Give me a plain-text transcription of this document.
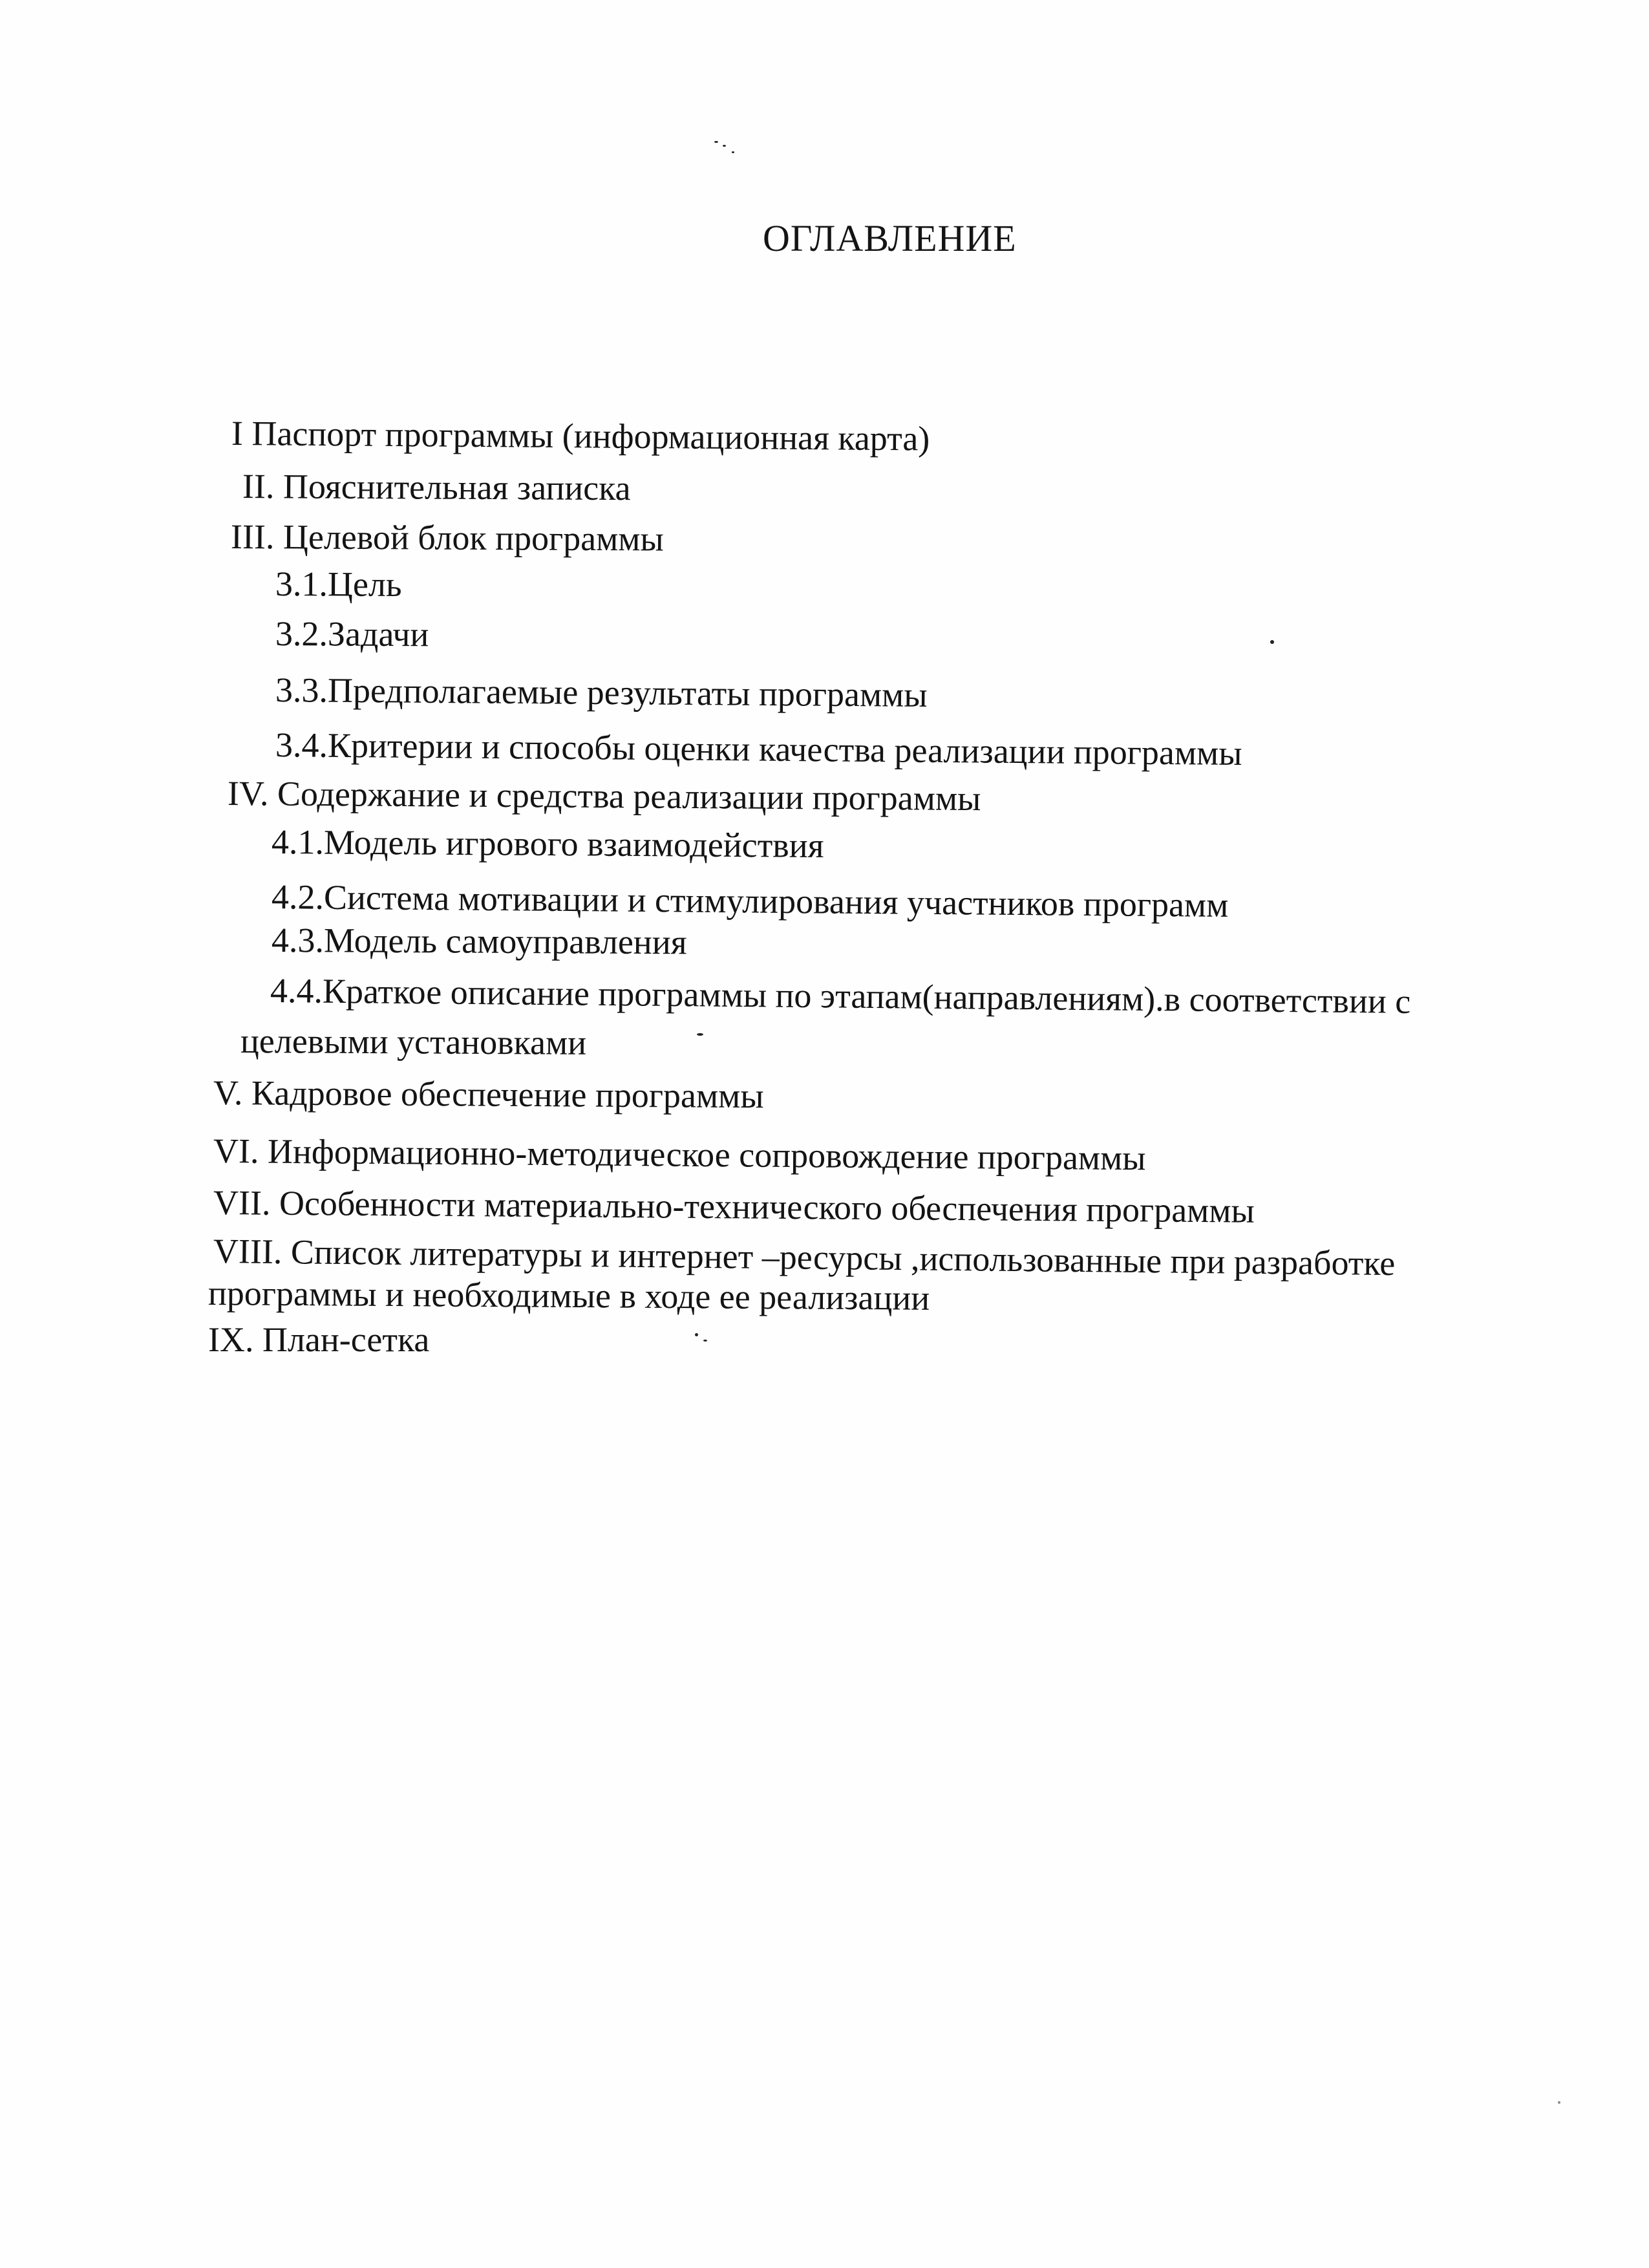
ОГЛАВЛЕНИЕ
I Паспорт программы (информационная карта)
II. Пояснительная записка
III. Целевой блок программы
3.1.Цель
3.2.Задачи
3.3.Предполагаемые результаты программы
3.4.Критерии и способы оценки качества реализации программы
IV. Содержание и средства реализации программы
4.1.Модель игрового взаимодействия
4.2.Система мотивации и стимулирования участников программ
4.3.Модель самоуправления
4.4.Краткое описание программы по этапам(направлениям).в соответствии с
целевыми установками
V. Кадровое обеспечение программы
VI. Информационно-методическое сопровождение программы
VII. Особенности материально-технического обеспечения программы
VIII. Список литературы и интернет –ресурсы ,использованные при разработке
программы и необходимые в ходе ее реализации
IX. План-сетка
